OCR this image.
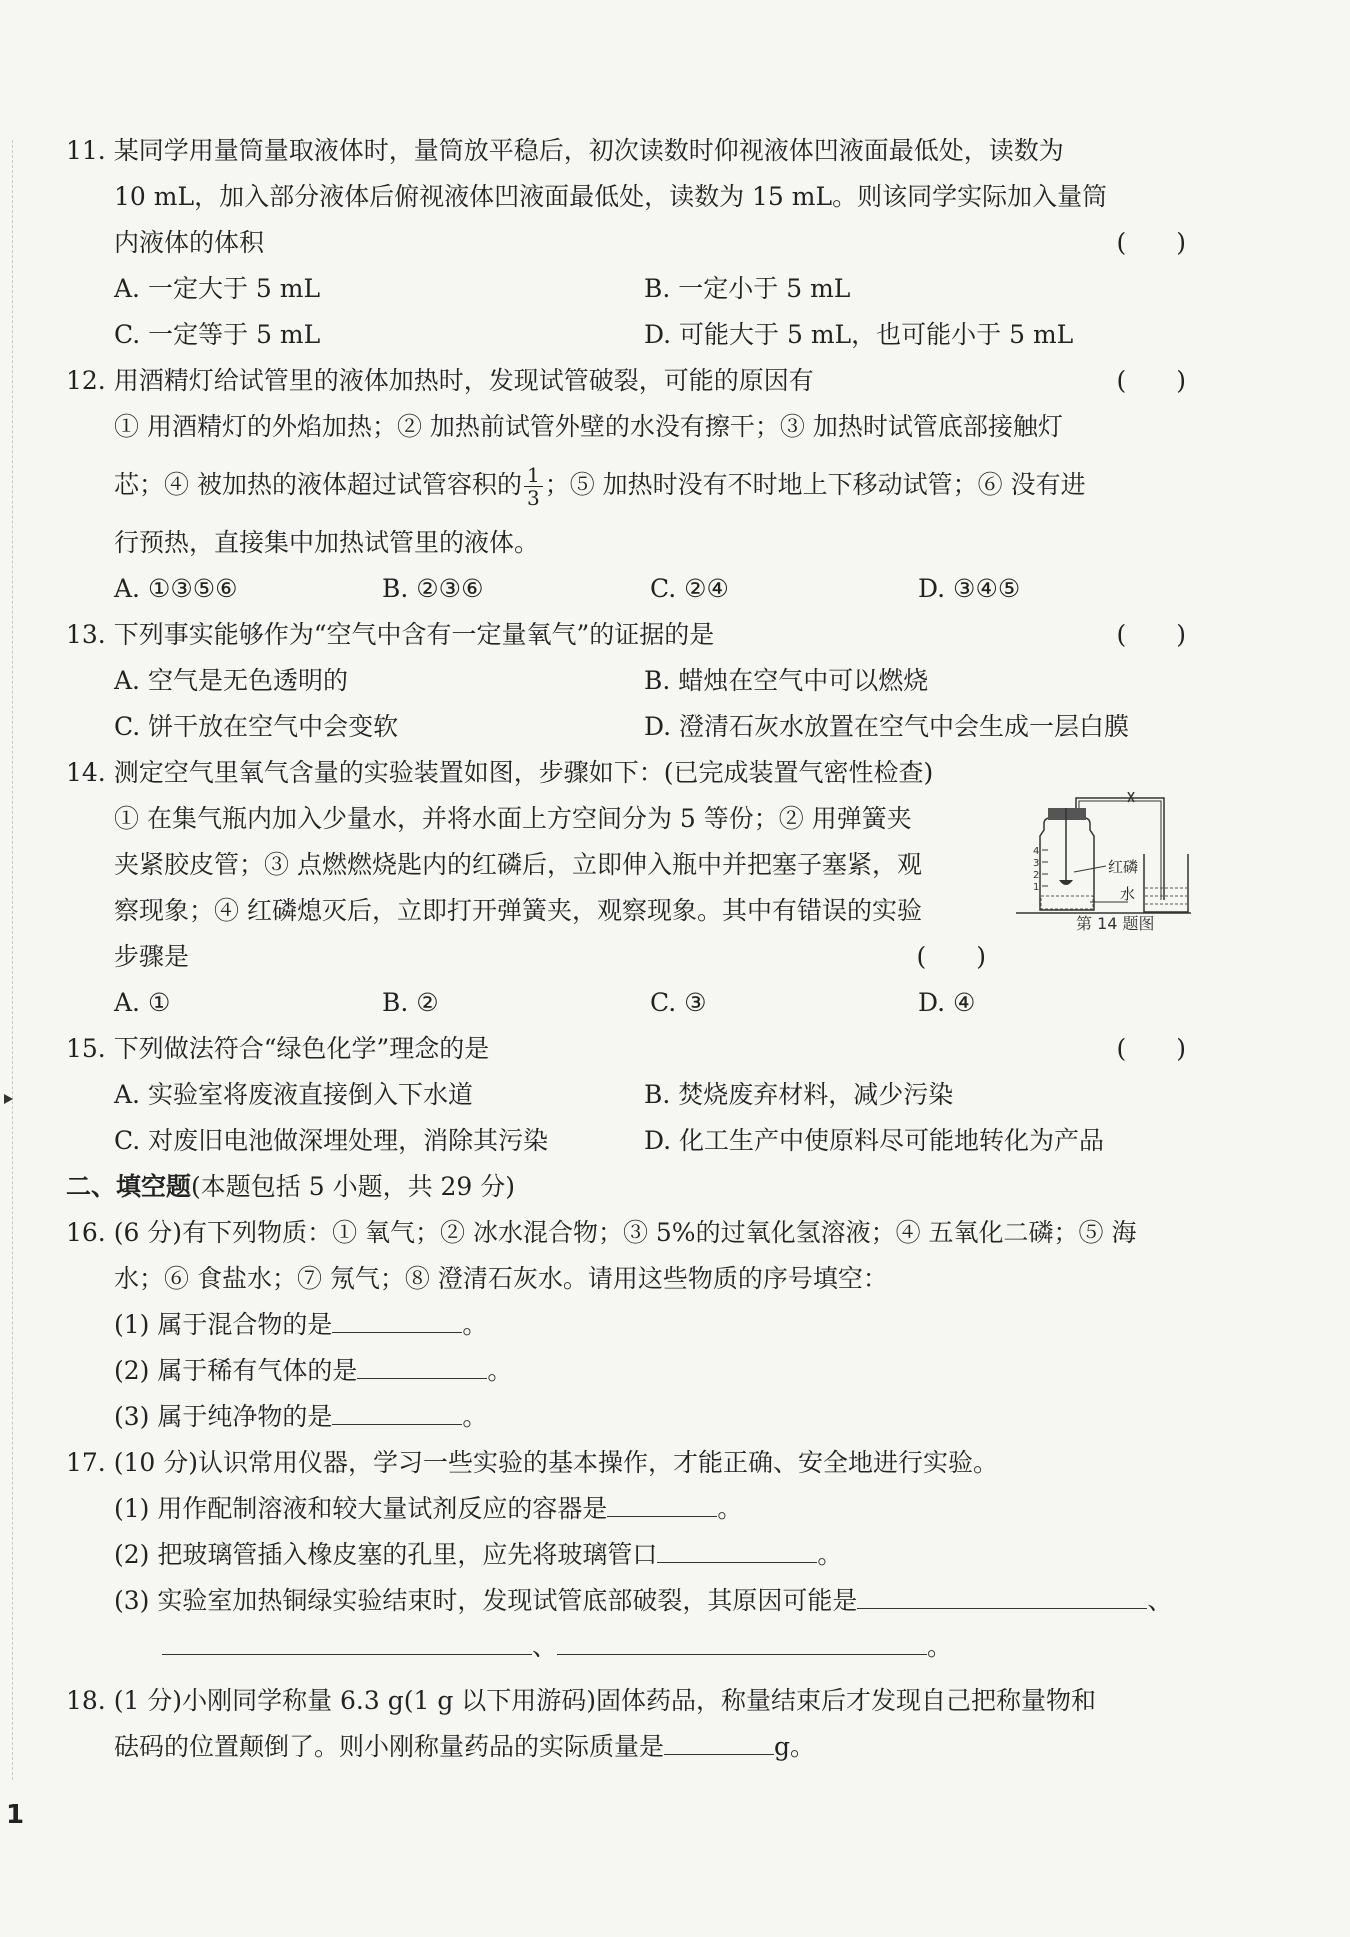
11. 某同学用量筒量取液体时，量筒放平稳后，初次读数时仰视液体凹液面最低处，读数为
10 mL，加入部分液体后俯视液体凹液面最低处，读数为 15 mL。则该同学实际加入量筒
内液体的体积	(　　)
A. 一定大于 5 mL	B. 一定小于 5 mL
C. 一定等于 5 mL	D. 可能大于 5 mL，也可能小于 5 mL
12. 用酒精灯给试管里的液体加热时，发现试管破裂，可能的原因有	(　　)
① 用酒精灯的外焰加热；② 加热前试管外壁的水没有擦干；③ 加热时试管底部接触灯
芯；④ 被加热的液体超过试管容积的 $\frac{1}{3}$ ；⑤ 加热时没有不时地上下移动试管；⑥ 没有进
行预热，直接集中加热试管里的液体。
A. ①③⑤⑥	B. ②③⑥	C. ②④	D. ③④⑤
13. 下列事实能够作为“空气中含有一定量氧气”的证据的是	(　　)
A. 空气是无色透明的	B. 蜡烛在空气中可以燃烧
C. 饼干放在空气中会变软	D. 澄清石灰水放置在空气中会生成一层白膜
14. 测定空气里氧气含量的实验装置如图，步骤如下：(已完成装置气密性检查)
① 在集气瓶内加入少量水，并将水面上方空间分为 5 等份；② 用弹簧夹
夹紧胶皮管；③ 点燃燃烧匙内的红磷后，立即伸入瓶中并把塞子塞紧，观
察现象；④ 红磷熄灭后，立即打开弹簧夹，观察现象。其中有错误的实验
步骤是	(　　)
4
3
2
1
红磷
水
第 14 题图
A. ①	B. ②	C. ③	D. ④
15. 下列做法符合“绿色化学”理念的是	(　　)
A. 实验室将废液直接倒入下水道	B. 焚烧废弃材料，减少污染
C. 对废旧电池做深埋处理，消除其污染	D. 化工生产中使原料尽可能地转化为产品
二、填空题(本题包括 5 小题，共 29 分)
16. (6 分)有下列物质：① 氧气；② 冰水混合物；③ 5%的过氧化氢溶液；④ 五氧化二磷；⑤ 海
水；⑥ 食盐水；⑦ 氖气；⑧ 澄清石灰水。请用这些物质的序号填空：
(1) 属于混合物的是	。
(2) 属于稀有气体的是	。
(3) 属于纯净物的是	。
17. (10 分)认识常用仪器，学习一些实验的基本操作，才能正确、安全地进行实验。
(1) 用作配制溶液和较大量试剂反应的容器是	。
(2) 把玻璃管插入橡皮塞的孔里，应先将玻璃管口	。
(3) 实验室加热铜绿实验结束时，发现试管底部破裂，其原因可能是	、
、	。
18. (1 分)小刚同学称量 6.3 g(1 g 以下用游码)固体药品，称量结束后才发现自己把称量物和
砝码的位置颠倒了。则小刚称量药品的实际质量是	g。
1
